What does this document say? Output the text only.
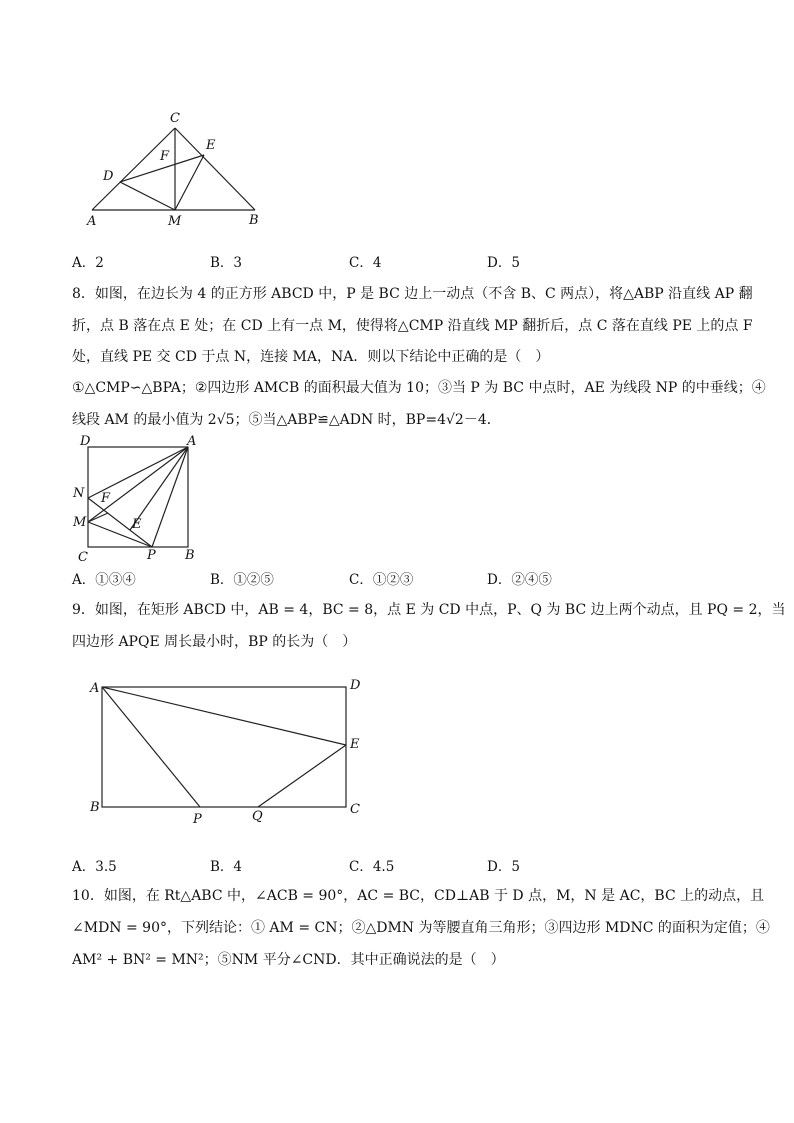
C
E
F
D
A	M	B
A．2	B．3	C．4	D．5
8．如图，在边长为 4 的正方形 ABCD 中，P 是 BC 边上一动点（不含 B、C 两点），将△ABP 沿直线 AP 翻
折，点 B 落在点 E 处；在 CD 上有一点 M，使得将△CMP 沿直线 MP 翻折后，点 C 落在直线 PE 上的点 F
处，直线 PE 交 CD 于点 N，连接 MA，NA．则以下结论中正确的是（　）
①△CMP∽△BPA；②四边形 AMCB 的面积最大值为 10；③当 P 为 BC 中点时，AE 为线段 NP 的中垂线；④
线段 AM 的最小值为 2√5；⑤当△ABP≌△ADN 时，BP=4√2－4．
D	A
N F
M	E
C	P B
A．①③④	B．①②⑤	C．①②③	D．②④⑤
9．如图，在矩形 ABCD 中，AB = 4，BC = 8，点 E 为 CD 中点，P、Q 为 BC 边上两个动点，且 PQ = 2，当
四边形 APQE 周长最小时，BP 的长为（　）
A	D
E
B
P	Q	C
A．3.5	B．4	C．4.5	D．5
10．如图，在 Rt△ABC 中，∠ACB = 90°，AC = BC，CD⊥AB 于 D 点，M，N 是 AC，BC 上的动点，且
∠MDN = 90°，下列结论：① AM = CN；②△DMN 为等腰直角三角形；③四边形 MDNC 的面积为定值；④
AM² + BN² = MN²；⑤NM 平分∠CND．其中正确说法的是（　）
